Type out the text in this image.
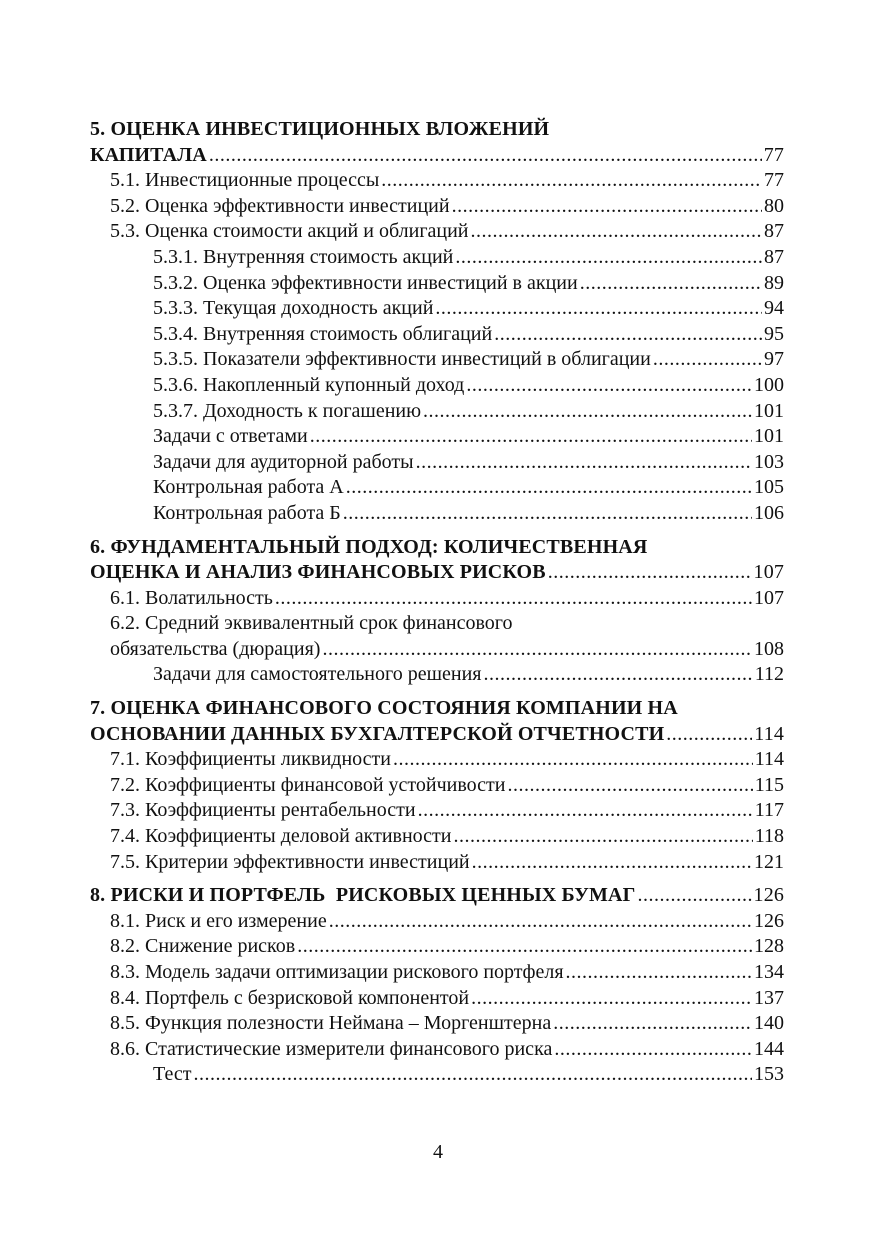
5. ОЦЕНКА ИНВЕСТИЦИОННЫХ ВЛОЖЕНИЙ
КАПИТАЛА .....	77
5.1. Инвестиционные процессы .....	77
5.2. Оценка эффективности инвестиций .....	80
5.3. Оценка стоимости акций и облигаций .....	87
5.3.1. Внутренняя стоимость акций .....	87
5.3.2. Оценка эффективности инвестиций в акции .....	89
5.3.3. Текущая доходность акций .....	94
5.3.4. Внутренняя стоимость облигаций .....	95
5.3.5. Показатели эффективности инвестиций в облигации .....	97
5.3.6. Накопленный купонный доход .....	100
5.3.7. Доходность к погашению .....	101
Задачи с ответами .....	101
Задачи для аудиторной работы .....	103
Контрольная работа А .....	105
Контрольная работа Б .....	106
6. ФУНДАМЕНТАЛЬНЫЙ ПОДХОД: КОЛИЧЕСТВЕННАЯ
ОЦЕНКА И АНАЛИЗ ФИНАНСОВЫХ РИСКОВ .....	107
6.1. Волатильность .....	107
6.2. Средний эквивалентный срок финансового
обязательства (дюрация) .....	108
Задачи для самостоятельного решения .....	112
7. ОЦЕНКА ФИНАНСОВОГО СОСТОЯНИЯ КОМПАНИИ НА
ОСНОВАНИИ ДАННЫХ БУХГАЛТЕРСКОЙ ОТЧЕТНОСТИ .....	114
7.1. Коэффициенты ликвидности .....	114
7.2. Коэффициенты финансовой устойчивости .....	115
7.3. Коэффициенты рентабельности .....	117
7.4. Коэффициенты деловой активности .....	118
7.5. Критерии эффективности инвестиций .....	121
8. РИСКИ И ПОРТФЕЛЬ  РИСКОВЫХ ЦЕННЫХ БУМАГ .....	126
8.1. Риск и его измерение .....	126
8.2. Снижение рисков .....	128
8.3. Модель задачи оптимизации рискового портфеля .....	134
8.4. Портфель с безрисковой компонентой .....	137
8.5. Функция полезности Неймана – Моргенштерна .....	140
8.6. Статистические измерители финансового риска .....	144
Тест .....	153
4
